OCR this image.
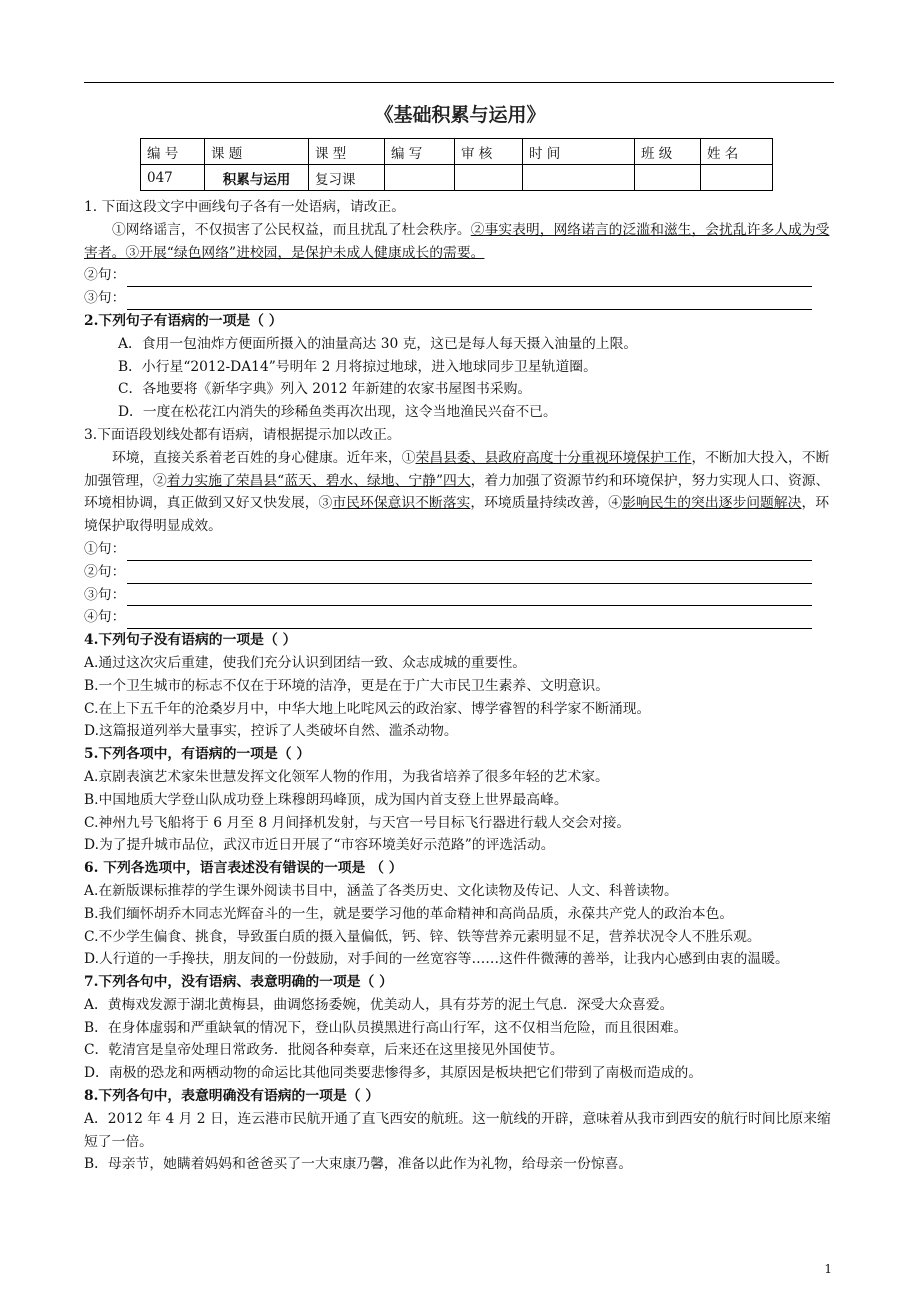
《基础积累与运用》
编 号	课 题	课 型	编 写	审 核	时 间	班 级	姓 名
047	积累与运用	复习课					

1. 下面这段文字中画线句子各有一处语病，请改正。

①网络谣言，不仅损害了公民权益，而且扰乱了杜会秩序。②事实表明，网络诺言的泛滥和滋生，会扰乱许多人成为受害者。③开展“绿色网络”进校园，是保护未成人健康成长的需要。

②句：
③句：

2.下列句子有语病的一项是（ ）

A．食用一包油炸方便面所摄入的油量高达 30 克，这已是每人每天摄入油量的上限。

B．小行星“2012-DA14”号明年 2 月将掠过地球，进入地球同步卫星轨道圈。

C．各地要将《新华字典》列入 2012 年新建的农家书屋图书采购。

D．一度在松花江内消失的珍稀鱼类再次出现，这令当地渔民兴奋不已。

3.下面语段划线处都有语病，请根据提示加以改正。

环境，直接关系着老百姓的身心健康。近年来，①荣昌县委、县政府高度十分重视环境保护工作，不断加大投入，不断加强管理，②着力实施了荣昌县“蓝天、碧水、绿地、宁静”四大，着力加强了资源节约和环境保护，努力实现人口、资源、环境相协调，真正做到又好又快发展，③市民环保意识不断落实，环境质量持续改善，④影响民生的突出逐步问题解决，环境保护取得明显成效。

①句：
②句：
③句：
④句：

4.下列句子没有语病的一项是（ ）

A.通过这次灾后重建，使我们充分认识到团结一致、众志成城的重要性。

B.一个卫生城市的标志不仅在于环境的洁净，更是在于广大市民卫生素养、文明意识。

C.在上下五千年的沧桑岁月中，中华大地上叱咤风云的政治家、博学睿智的科学家不断涌现。

D.这篇报道列举大量事实，控诉了人类破坏自然、滥杀动物。

5.下列各项中，有语病的一项是（ ）

A.京剧表演艺术家朱世慧发挥文化领军人物的作用，为我省培养了很多年轻的艺术家。

B.中国地质大学登山队成功登上珠穆朗玛峰顶，成为国内首支登上世界最高峰。

C.神州九号飞船将于 6 月至 8 月间择机发射，与天宫一号目标飞行器进行载人交会对接。

D.为了提升城市品位，武汉市近日开展了“市容环境美好示范路”的评选活动。

6. 下列各选项中，语言表述没有错误的一项是 （ ）

A.在新版课标推荐的学生课外阅读书目中，涵盖了各类历史、文化读物及传记、人文、科普读物。

B.我们缅怀胡乔木同志光辉奋斗的一生，就是要学习他的革命精神和高尚品质，永葆共产党人的政治本色。

C.不少学生偏食、挑食，导致蛋白质的摄入量偏低，钙、锌、铁等营养元素明显不足，营养状况令人不胜乐观。

D.人行道的一手搀扶，朋友间的一份鼓励，对手间的一丝宽容等……这件件微薄的善举，让我内心感到由衷的温暖。

7.下列各句中，没有语病、表意明确的一项是（ ）

A．黄梅戏发源于湖北黄梅县，曲调悠扬委婉，优美动人，具有芬芳的泥土气息．深受大众喜爱。

B．在身体虚弱和严重缺氧的情况下，登山队员摸黑进行高山行军，这不仅相当危险，而且很困难。

C．乾清宫是皇帝处理日常政务．批阅各种奏章，后来还在这里接见外国使节。

D．南极的恐龙和两栖动物的命运比其他同类要悲惨得多，其原因是板块把它们带到了南极而造成的。

8.下列各句中，表意明确没有语病的一项是（ ）

A．2012 年 4 月 2 日，连云港市民航开通了直飞西安的航班。这一航线的开辟，意味着从我市到西安的航行时间比原来缩短了一倍。

B．母亲节，她瞒着妈妈和爸爸买了一大束康乃馨，准备以此作为礼物，给母亲一份惊喜。

1
